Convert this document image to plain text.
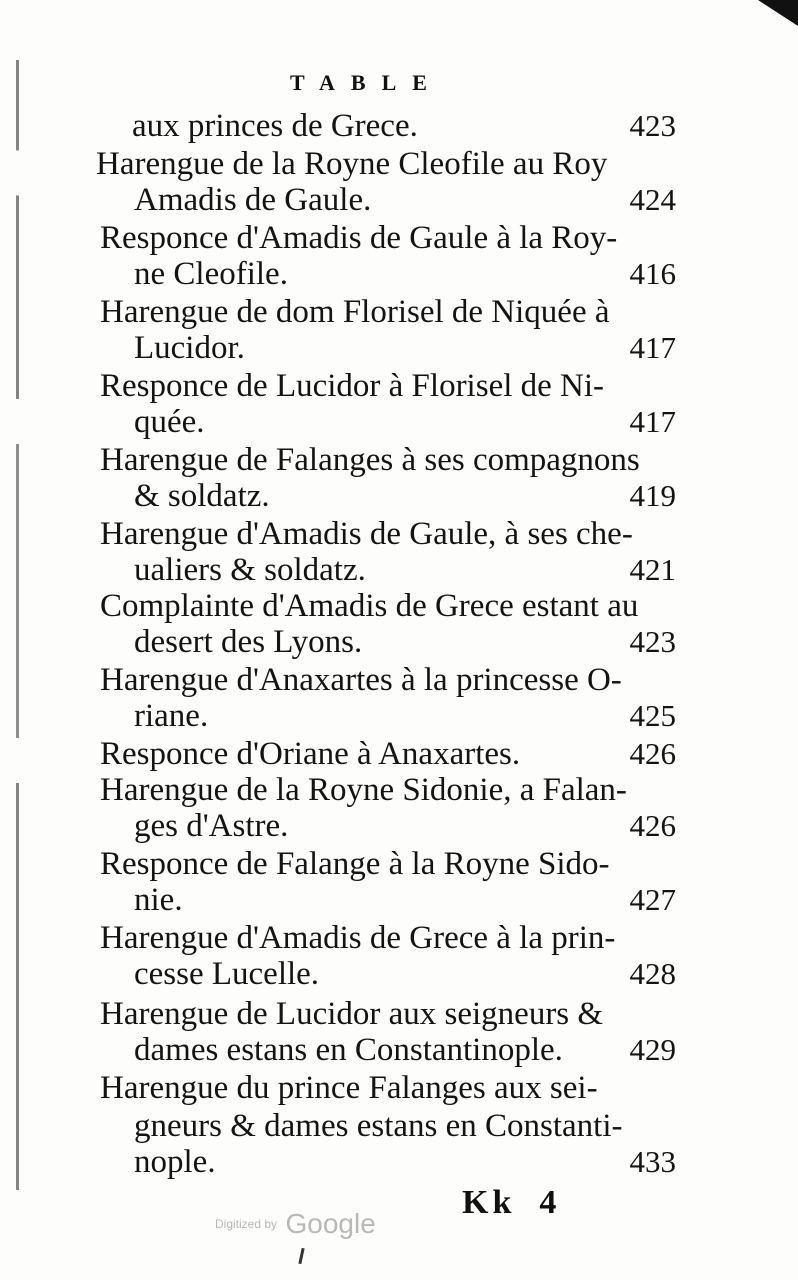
TABLE
aux princes de Grece.	423
Harengue de la Royne Cleofile au Roy
Amadis de Gaule.	424
Responce d'Amadis de Gaule à la Roy-
ne Cleofile.	416
Harengue de dom Florisel de Niquée à
Lucidor.	417
Responce de Lucidor à Florisel de Ni-
quée.	417
Harengue de Falanges à ses compagnons
& soldatz.	419
Harengue d'Amadis de Gaule, à ses che-
ualiers & soldatz.	421
Complainte d'Amadis de Grece estant au
desert des Lyons.	423
Harengue d'Anaxartes à la princesse O-
riane.	425
Responce d'Oriane à Anaxartes.	426
Harengue de la Royne Sidonie, a Falan-
ges d'Astre.	426
Responce de Falange à la Royne Sido-
nie.	427
Harengue d'Amadis de Grece à la prin-
cesse Lucelle.	428
Harengue de Lucidor aux seigneurs &
dames estans en Constantinople.	429
Harengue du prince Falanges aux sei-
gneurs & dames estans en Constanti-
nople.	433
Kk 4
Digitized by Google
